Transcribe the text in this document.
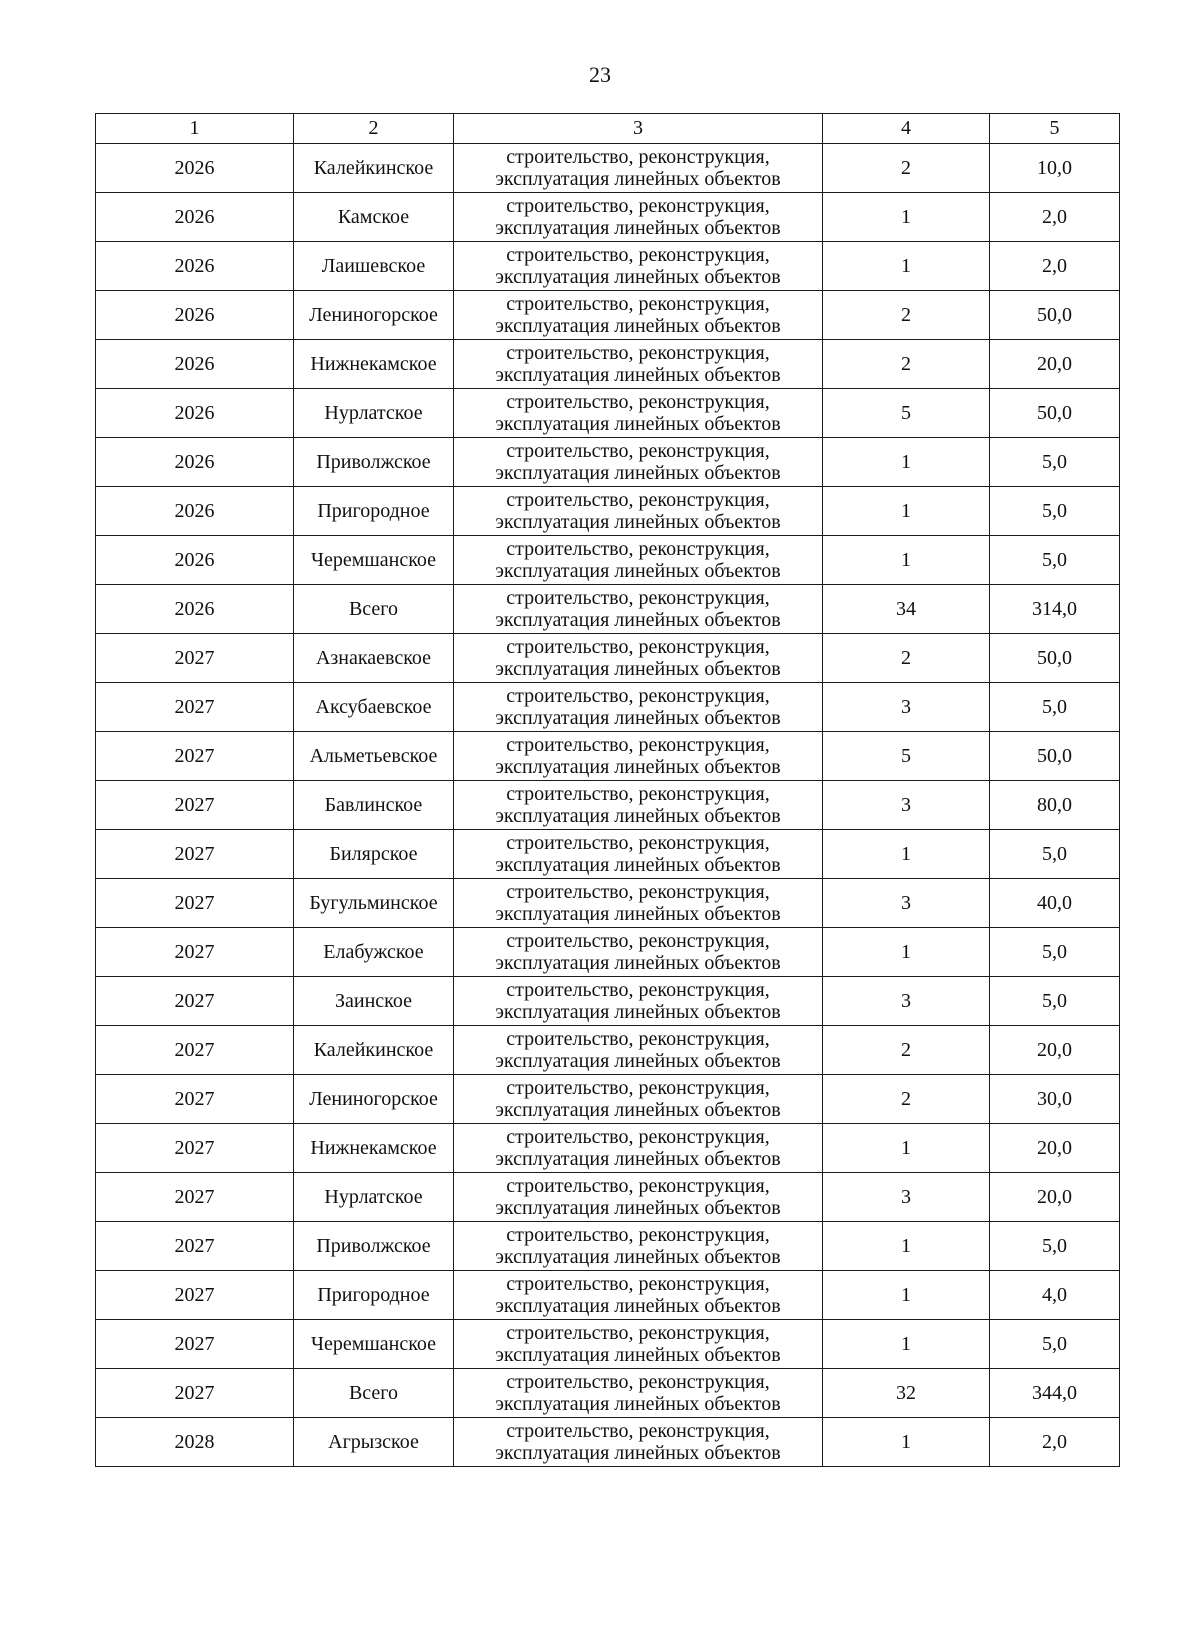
23
1	2	3	4	5
2026	Калейкинское	строительство, реконструкция,
эксплуатация линейных объектов	2	10,0
2026	Камское	строительство, реконструкция,
эксплуатация линейных объектов	1	2,0
2026	Лаишевское	строительство, реконструкция,
эксплуатация линейных объектов	1	2,0
2026	Лениногорское	строительство, реконструкция,
эксплуатация линейных объектов	2	50,0
2026	Нижнекамское	строительство, реконструкция,
эксплуатация линейных объектов	2	20,0
2026	Нурлатское	строительство, реконструкция,
эксплуатация линейных объектов	5	50,0
2026	Приволжское	строительство, реконструкция,
эксплуатация линейных объектов	1	5,0
2026	Пригородное	строительство, реконструкция,
эксплуатация линейных объектов	1	5,0
2026	Черемшанское	строительство, реконструкция,
эксплуатация линейных объектов	1	5,0
2026	Всего	строительство, реконструкция,
эксплуатация линейных объектов	34	314,0
2027	Азнакаевское	строительство, реконструкция,
эксплуатация линейных объектов	2	50,0
2027	Аксубаевское	строительство, реконструкция,
эксплуатация линейных объектов	3	5,0
2027	Альметьевское	строительство, реконструкция,
эксплуатация линейных объектов	5	50,0
2027	Бавлинское	строительство, реконструкция,
эксплуатация линейных объектов	3	80,0
2027	Билярское	строительство, реконструкция,
эксплуатация линейных объектов	1	5,0
2027	Бугульминское	строительство, реконструкция,
эксплуатация линейных объектов	3	40,0
2027	Елабужское	строительство, реконструкция,
эксплуатация линейных объектов	1	5,0
2027	Заинское	строительство, реконструкция,
эксплуатация линейных объектов	3	5,0
2027	Калейкинское	строительство, реконструкция,
эксплуатация линейных объектов	2	20,0
2027	Лениногорское	строительство, реконструкция,
эксплуатация линейных объектов	2	30,0
2027	Нижнекамское	строительство, реконструкция,
эксплуатация линейных объектов	1	20,0
2027	Нурлатское	строительство, реконструкция,
эксплуатация линейных объектов	3	20,0
2027	Приволжское	строительство, реконструкция,
эксплуатация линейных объектов	1	5,0
2027	Пригородное	строительство, реконструкция,
эксплуатация линейных объектов	1	4,0
2027	Черемшанское	строительство, реконструкция,
эксплуатация линейных объектов	1	5,0
2027	Всего	строительство, реконструкция,
эксплуатация линейных объектов	32	344,0
2028	Агрызское	строительство, реконструкция,
эксплуатация линейных объектов	1	2,0
